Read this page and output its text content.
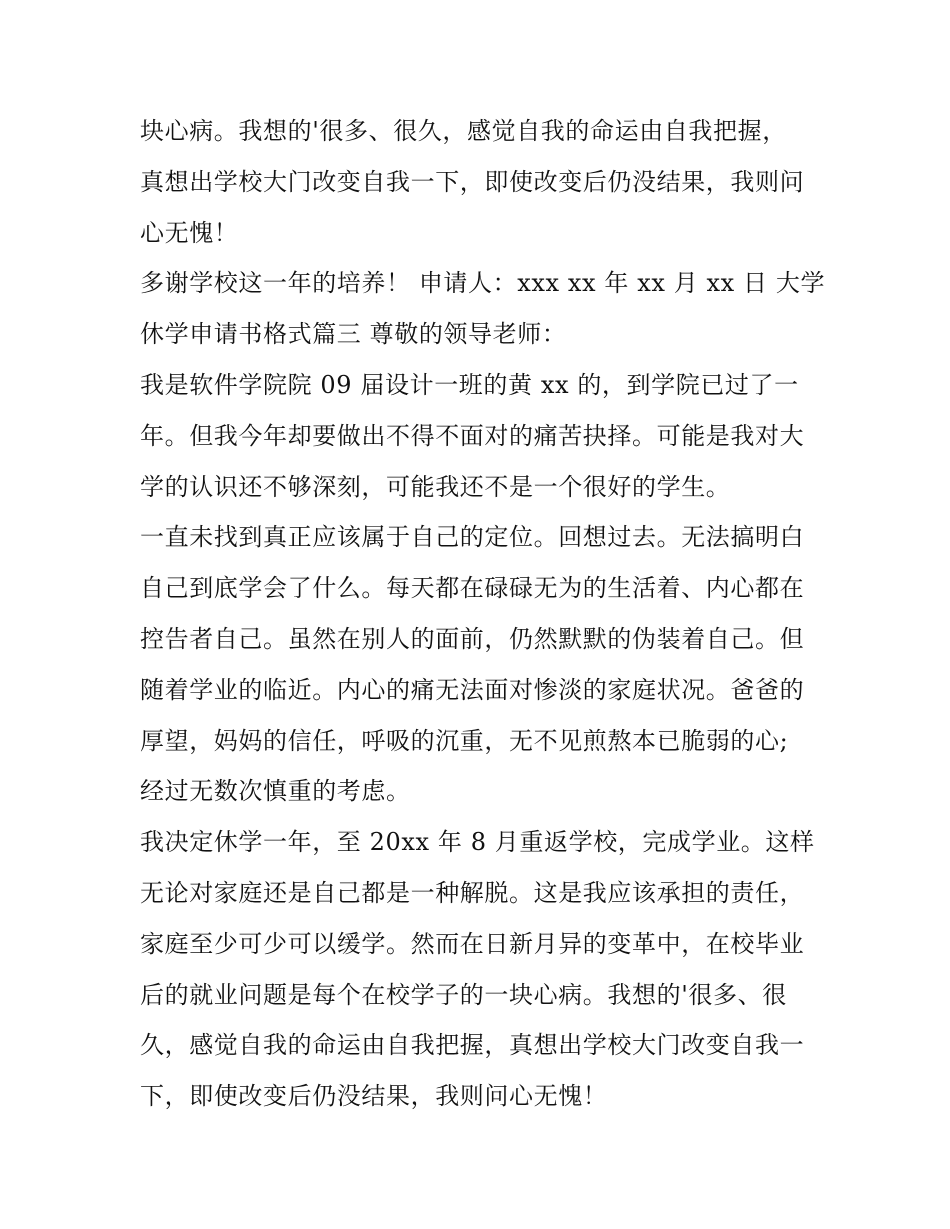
块心病。我想的'很多、很久，感觉自我的命运由自我把握，
真想出学校大门改变自我一下，即使改变后仍没结果，我则问
心无愧！
多谢学校这一年的培养！ 申请人：xxx xx 年 xx 月 xx 日 大学
休学申请书格式篇三 尊敬的领导老师：
我是软件学院院 09 届设计一班的黄 xx 的，到学院已过了一
年。但我今年却要做出不得不面对的痛苦抉择。可能是我对大
学的认识还不够深刻，可能我还不是一个很好的学生。
一直未找到真正应该属于自己的定位。回想过去。无法搞明白
自己到底学会了什么。每天都在碌碌无为的生活着、内心都在
控告者自己。虽然在别人的面前，仍然默默的伪装着自己。但
随着学业的临近。内心的痛无法面对惨淡的家庭状况。爸爸的
厚望，妈妈的信任，呼吸的沉重，无不见煎熬本已脆弱的心;
经过无数次慎重的考虑。
我决定休学一年，至 20xx 年 8 月重返学校，完成学业。这样
无论对家庭还是自己都是一种解脱。这是我应该承担的责任，
家庭至少可少可以缓学。然而在日新月异的变革中，在校毕业
后的就业问题是每个在校学子的一块心病。我想的'很多、很
久，感觉自我的命运由自我把握，真想出学校大门改变自我一
下，即使改变后仍没结果，我则问心无愧！
